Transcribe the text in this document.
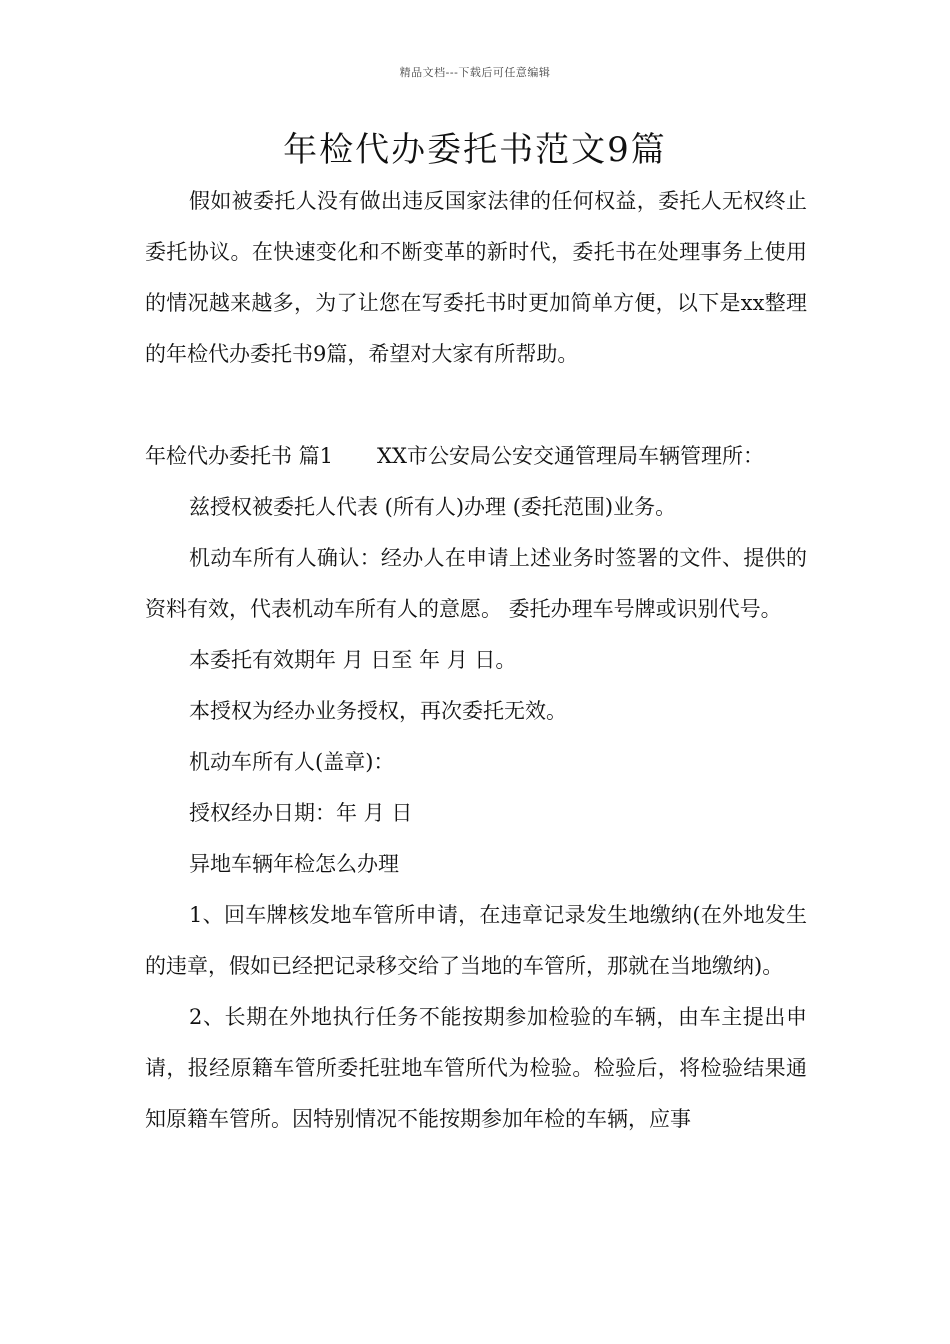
精品文档---下载后可任意编辑
年检代办委托书范文9篇

假如被委托人没有做出违反国家法律的任何权益，委托人无权终止委托协议。在快速变化和不断变革的新时代，委托书在处理事务上使用的情况越来越多，为了让您在写委托书时更加简单方便，以下是xx整理的年检代办委托书9篇，希望对大家有所帮助。

年检代办委托书 篇1 XX市公安局公安交通管理局车辆管理所：

兹授权被委托人代表 (所有人)办理 (委托范围)业务。

机动车所有人确认：经办人在申请上述业务时签署的文件、提供的资料有效，代表机动车所有人的意愿。 委托办理车号牌或识别代号。

本委托有效期年 月 日至 年 月 日。

本授权为经办业务授权，再次委托无效。

机动车所有人(盖章)：

授权经办日期：年 月 日

异地车辆年检怎么办理

1、回车牌核发地车管所申请，在违章记录发生地缴纳(在外地发生的违章，假如已经把记录移交给了当地的车管所，那就在当地缴纳)。

2、长期在外地执行任务不能按期参加检验的车辆，由车主提出申请，报经原籍车管所委托驻地车管所代为检验。检验后，将检验结果通知原籍车管所。因特别情况不能按期参加年检的车辆，应事
